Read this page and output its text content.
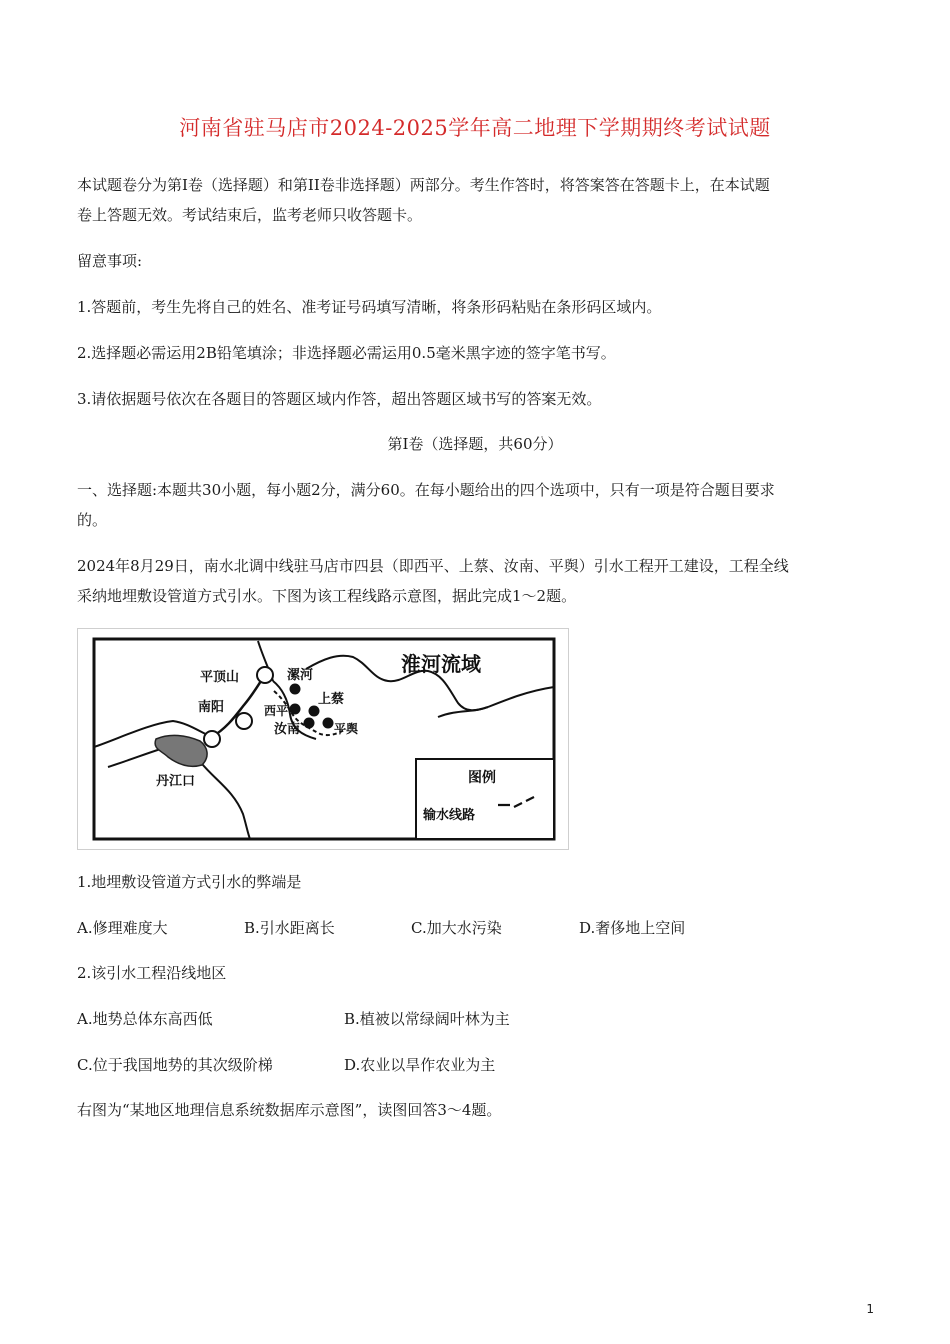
河南省驻马店市2024-2025学年高二地理下学期期终考试试题
本试题卷分为第Ⅰ卷（选择题）和第II卷非选择题）两部分。考生作答时，将答案答在答题卡上，在本试题
卷上答题无效。考试结束后，监考老师只收答题卡。
留意事项:
1.答题前，考生先将自己的姓名、准考证号码填写清晰，将条形码粘贴在条形码区域内。
2.选择题必需运用2B铅笔填涂；非选择题必需运用0.5毫米黑字迹的签字笔书写。
3.请依据题号依次在各题目的答题区域内作答，超出答题区域书写的答案无效。
第Ⅰ卷（选择题，共60分）
一、选择题:本题共30小题，每小题2分，满分60。在每小题给出的四个选项中，只有一项是符合题目要求
的。
2024年8月29日，南水北调中线驻马店市四县（即西平、上蔡、汝南、平舆）引水工程开工建设，工程全线
采纳地埋敷设管道方式引水。下图为该工程线路示意图，据此完成1～2题。
淮河流域
平顶山	漯河
上蔡
南阳	西平
汝南	平舆
丹江口	图例
输水线路
1.地埋敷设管道方式引水的弊端是
A.修理难度大	B.引水距离长	C.加大水污染	D.奢侈地上空间
2.该引水工程沿线地区
A.地势总体东高西低	B.植被以常绿阔叶林为主
C.位于我国地势的其次级阶梯	D.农业以旱作农业为主
右图为“某地区地理信息系统数据库示意图”，读图回答3～4题。
1
